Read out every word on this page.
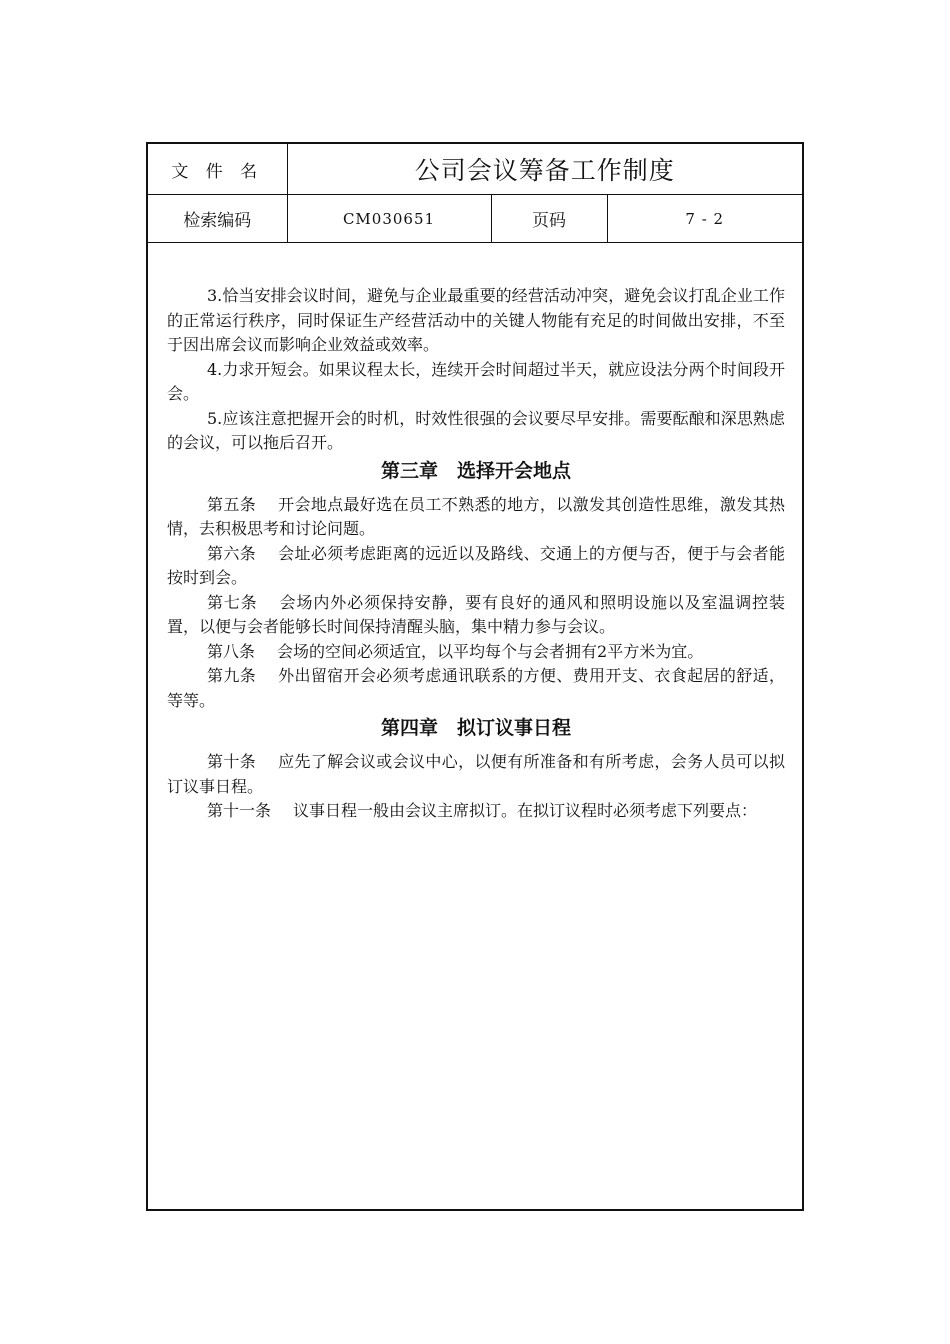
文 件 名	公司会议筹备工作制度		
检索编码	CM030651	页码	7 - 2

3.恰当安排会议时间，避免与企业最重要的经营活动冲突，避免会议打乱企业工作的正常运行秩序，同时保证生产经营活动中的关键人物能有充足的时间做出安排，不至于因出席会议而影响企业效益或效率。

4.力求开短会。如果议程太长，连续开会时间超过半天，就应设法分两个时间段开会。

5.应该注意把握开会的时机，时效性很强的会议要尽早安排。需要酝酿和深思熟虑的会议，可以拖后召开。

第三章　选择开会地点

第五条 开会地点最好选在员工不熟悉的地方，以激发其创造性思维，激发其热情，去积极思考和讨论问题。

第六条 会址必须考虑距离的远近以及路线、交通上的方便与否，便于与会者能按时到会。

第七条 会场内外必须保持安静，要有良好的通风和照明设施以及室温调控装置，以便与会者能够长时间保持清醒头脑，集中精力参与会议。

第八条 会场的空间必须适宜，以平均每个与会者拥有2平方米为宜。

第九条 外出留宿开会必须考虑通讯联系的方便、费用开支、衣食起居的舒适，等等。

第四章　拟订议事日程

第十条 应先了解会议或会议中心，以便有所准备和有所考虑，会务人员可以拟订议事日程。

第十一条 议事日程一般由会议主席拟订。在拟订议程时必须考虑下列要点：
